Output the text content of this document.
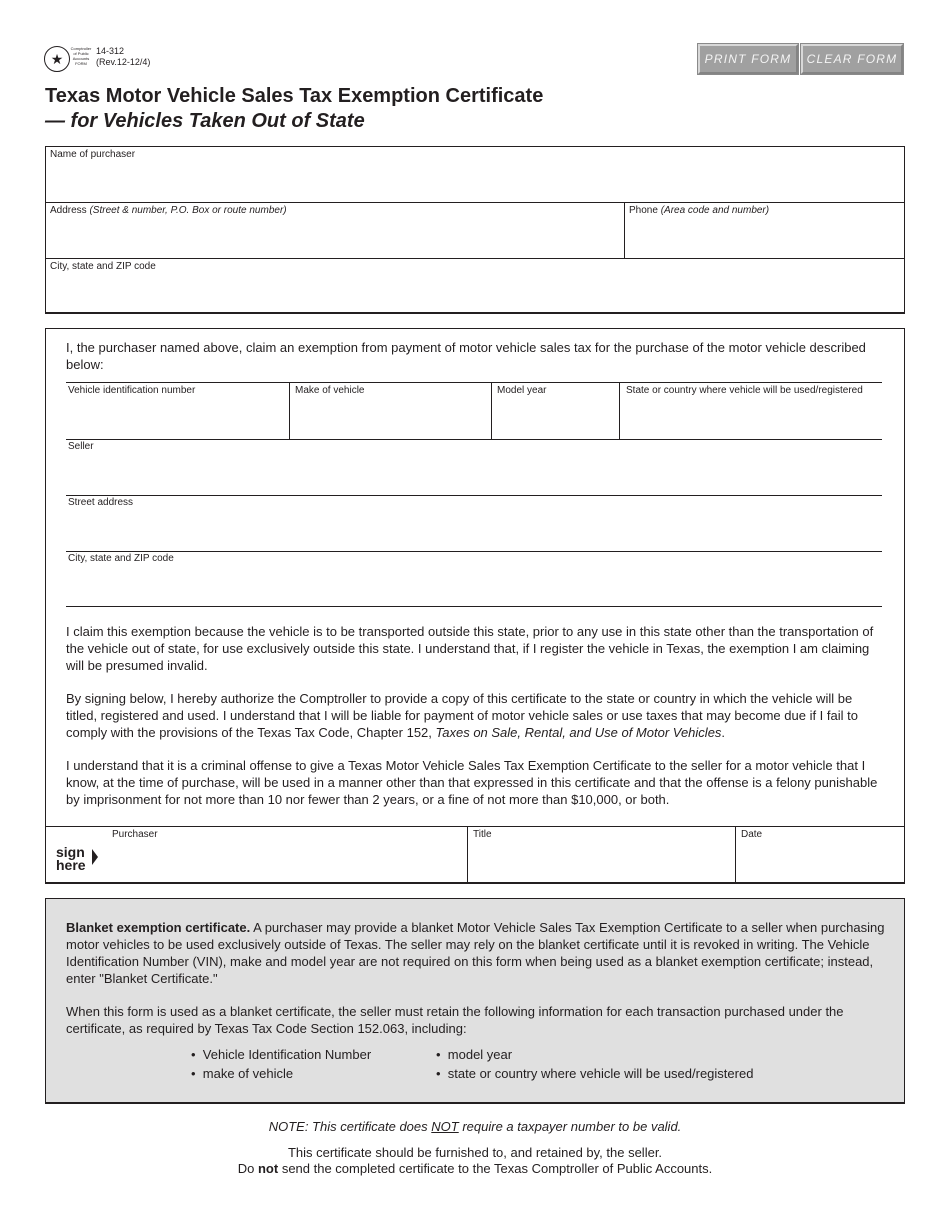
★
Comptroller of Public Accounts FORM
14-312
(Rev.12-12/4)	PRINT FORM	CLEAR FORM
Texas Motor Vehicle Sales Tax Exemption Certificate
— for Vehicles Taken Out of State
Name of purchaser
Address (Street & number, P.O. Box or route number)	Phone (Area code and number)
City, state and ZIP code
I, the purchaser named above, claim an exemption from payment of motor vehicle sales tax for the purchase of the motor vehicle described below:
Vehicle identification number	Make of vehicle	Model year	State or country where vehicle will be used/registered
Seller
Street address
City, state and ZIP code
I claim this exemption because the vehicle is to be transported outside this state, prior to any use in this state other than the transportation of the vehicle out of state, for use exclusively outside this state. I understand that, if I register the vehicle in Texas, the exemption I am claiming will be presumed invalid.
By signing below, I hereby authorize the Comptroller to provide a copy of this certificate to the state or country in which the vehicle will be titled, registered and used. I understand that I will be liable for payment of motor vehicle sales or use taxes that may become due if I fail to comply with the provisions of the Texas Tax Code, Chapter 152, Taxes on Sale, Rental, and Use of Motor Vehicles.
I understand that it is a criminal offense to give a Texas Motor Vehicle Sales Tax Exemption Certificate to the seller for a motor vehicle that I know, at the time of purchase, will be used in a manner other than that expressed in this certificate and that the offense is a felony punishable by imprisonment for not more than 10 nor fewer than 2 years, or a fine of not more than $10,000, or both.
Purchaser	Title	Date
sign here
Blanket exemption certificate. A purchaser may provide a blanket Motor Vehicle Sales Tax Exemption Certificate to a seller when purchasing motor vehicles to be used exclusively outside of Texas. The seller may rely on the blanket certificate until it is revoked in writing. The Vehicle Identification Number (VIN), make and model year are not required on this form when being used as a blanket exemption certificate; instead, enter "Blanket Certificate."
When this form is used as a blanket certificate, the seller must retain the following information for each transaction purchased under the certificate, as required by Texas Tax Code Section 152.063, including:
•  Vehicle Identification Number
•  make of vehicle
•  model year
•  state or country where vehicle will be used/registered
NOTE: This certificate does NOT require a taxpayer number to be valid.
This certificate should be furnished to, and retained by, the seller.
Do not send the completed certificate to the Texas Comptroller of Public Accounts.
